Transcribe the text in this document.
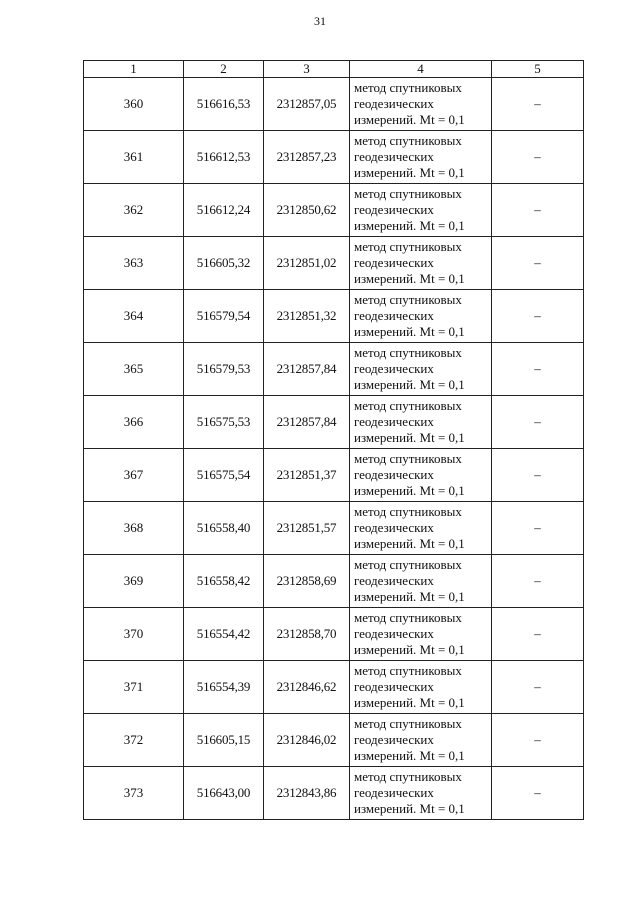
31
1	2	3	4	5
360	516616,53	2312857,05	метод спутниковых
геодезических
измерений. Mt = 0,1	–
361	516612,53	2312857,23	метод спутниковых
геодезических
измерений. Mt = 0,1	–
362	516612,24	2312850,62	метод спутниковых
геодезических
измерений. Mt = 0,1	–
363	516605,32	2312851,02	метод спутниковых
геодезических
измерений. Mt = 0,1	–
364	516579,54	2312851,32	метод спутниковых
геодезических
измерений. Mt = 0,1	–
365	516579,53	2312857,84	метод спутниковых
геодезических
измерений. Mt = 0,1	–
366	516575,53	2312857,84	метод спутниковых
геодезических
измерений. Mt = 0,1	–
367	516575,54	2312851,37	метод спутниковых
геодезических
измерений. Mt = 0,1	–
368	516558,40	2312851,57	метод спутниковых
геодезических
измерений. Mt = 0,1	–
369	516558,42	2312858,69	метод спутниковых
геодезических
измерений. Mt = 0,1	–
370	516554,42	2312858,70	метод спутниковых
геодезических
измерений. Mt = 0,1	–
371	516554,39	2312846,62	метод спутниковых
геодезических
измерений. Mt = 0,1	–
372	516605,15	2312846,02	метод спутниковых
геодезических
измерений. Mt = 0,1	–
373	516643,00	2312843,86	метод спутниковых
геодезических
измерений. Mt = 0,1	–
